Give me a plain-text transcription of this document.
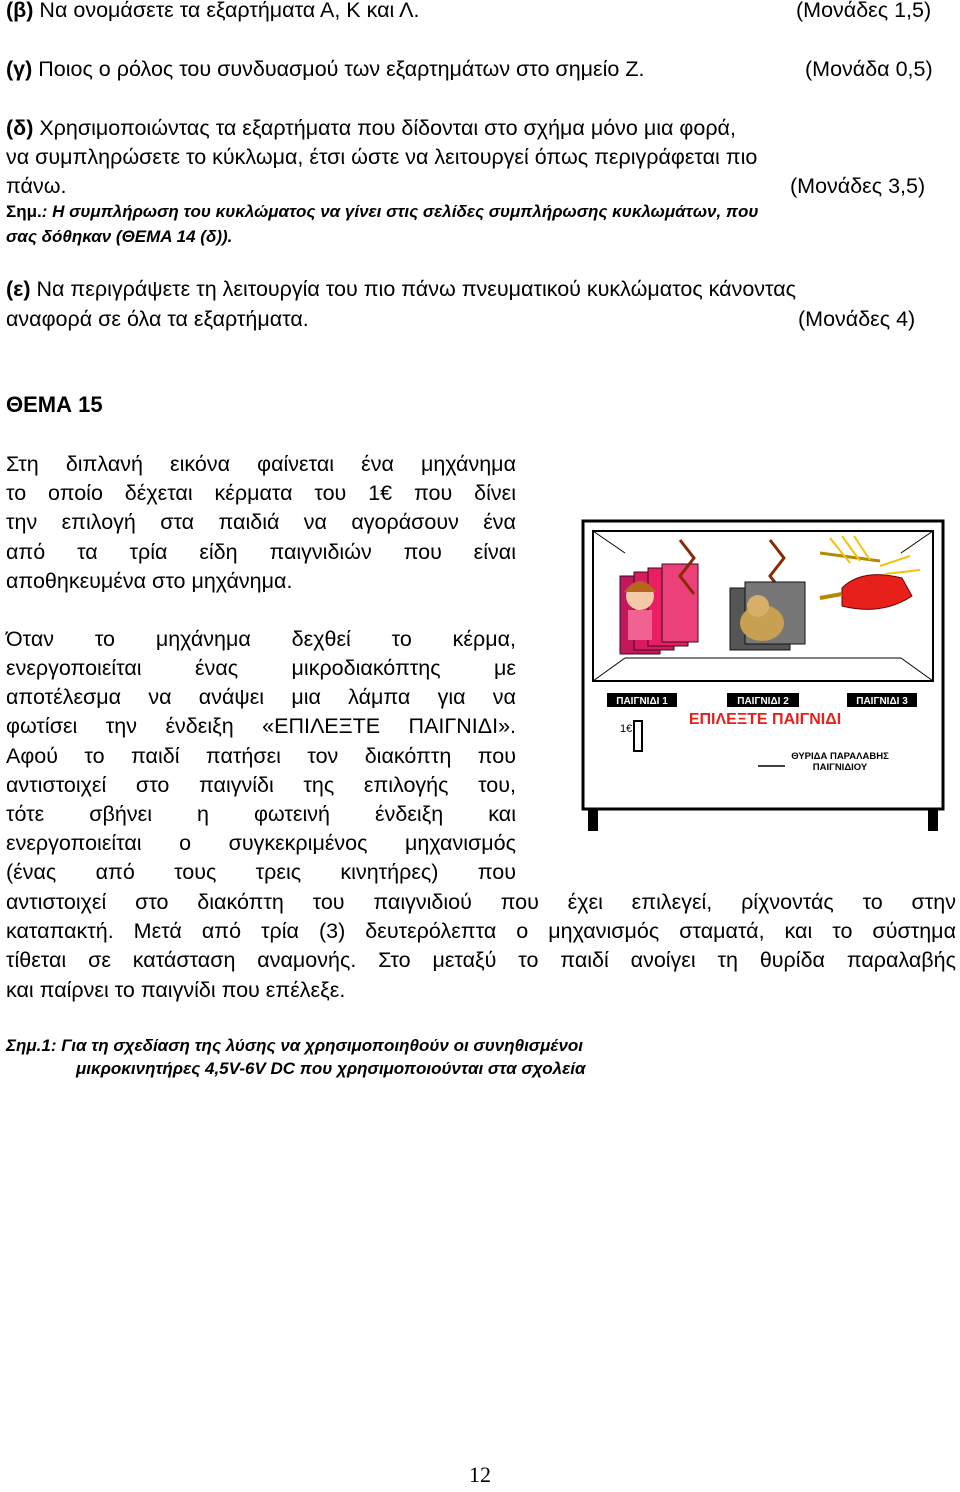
(β) Να ονομάσετε τα εξαρτήματα Α, Κ και Λ.	(Μονάδες 1,5)
(γ) Ποιος ο ρόλος του συνδυασμού των εξαρτημάτων στο σημείο Ζ.	(Μονάδα 0,5)
(δ) Χρησιμοποιώντας τα εξαρτήματα που δίδονται στο σχήμα μόνο μια φορά,
να συμπληρώσετε το κύκλωμα, έτσι ώστε να λειτουργεί όπως περιγράφεται πιο
πάνω.	(Μονάδες 3,5)
Σημ.: Η συμπλήρωση του κυκλώματος να γίνει στις σελίδες συμπλήρωσης κυκλωμάτων, που
σας δόθηκαν (ΘΕΜΑ 14 (δ)).
(ε) Να περιγράψετε τη λειτουργία του πιο πάνω πνευματικού κυκλώματος κάνοντας
αναφορά σε όλα τα εξαρτήματα.	(Μονάδες 4)
ΘΕΜΑ 15
Στη διπλανή εικόνα φαίνεται ένα μηχάνημα
το οποίο δέχεται κέρματα του 1€ που δίνει
την επιλογή στα παιδιά να αγοράσουν ένα
από τα τρία είδη παιγνιδιών που είναι
αποθηκευμένα στο μηχάνημα.
Όταν το μηχάνημα δεχθεί το κέρμα,
ενεργοποιείται ένας μικροδιακόπτης με
αποτέλεσμα να ανάψει μια λάμπα για να
φωτίσει την ένδειξη «ΕΠΙΛΕΞΤΕ ΠΑΙΓΝΙΔΙ».
Αφού το παιδί πατήσει τον διακόπτη που
αντιστοιχεί στο παιγνίδι της επιλογής του,
τότε σβήνει η φωτεινή ένδειξη και
ενεργοποιείται ο συγκεκριμένος μηχανισμός
(ένας από τους τρεις κινητήρες) που
αντιστοιχεί στο διακόπτη του παιγνιδιού που έχει επιλεγεί, ρίχνοντάς το στην
καταπακτή. Μετά από τρία (3) δευτερόλεπτα ο μηχανισμός σταματά, και το σύστημα
τίθεται σε κατάσταση αναμονής. Στο μεταξύ το παιδί ανοίγει τη θυρίδα παραλαβής
και παίρνει το παιγνίδι που επέλεξε.
Σημ.1: Για τη σχεδίαση της λύσης να χρησιμοποιηθούν οι συνηθισμένοι
μικροκινητήρες 4,5V-6V DC που χρησιμοποιούνται στα σχολεία
ΠΑΙΓΝΙΔΙ 1	ΠΑΙΓΝΙΔΙ 2	ΠΑΙΓΝΙΔΙ 3
ΕΠΙΛΕΞΤΕ ΠΑΙΓΝΙΔΙ
1€
ΘΥΡΙΔΑ ΠΑΡΑΛΑΒΗΣ
ΠΑΙΓΝΙΔΙΟΥ
12
